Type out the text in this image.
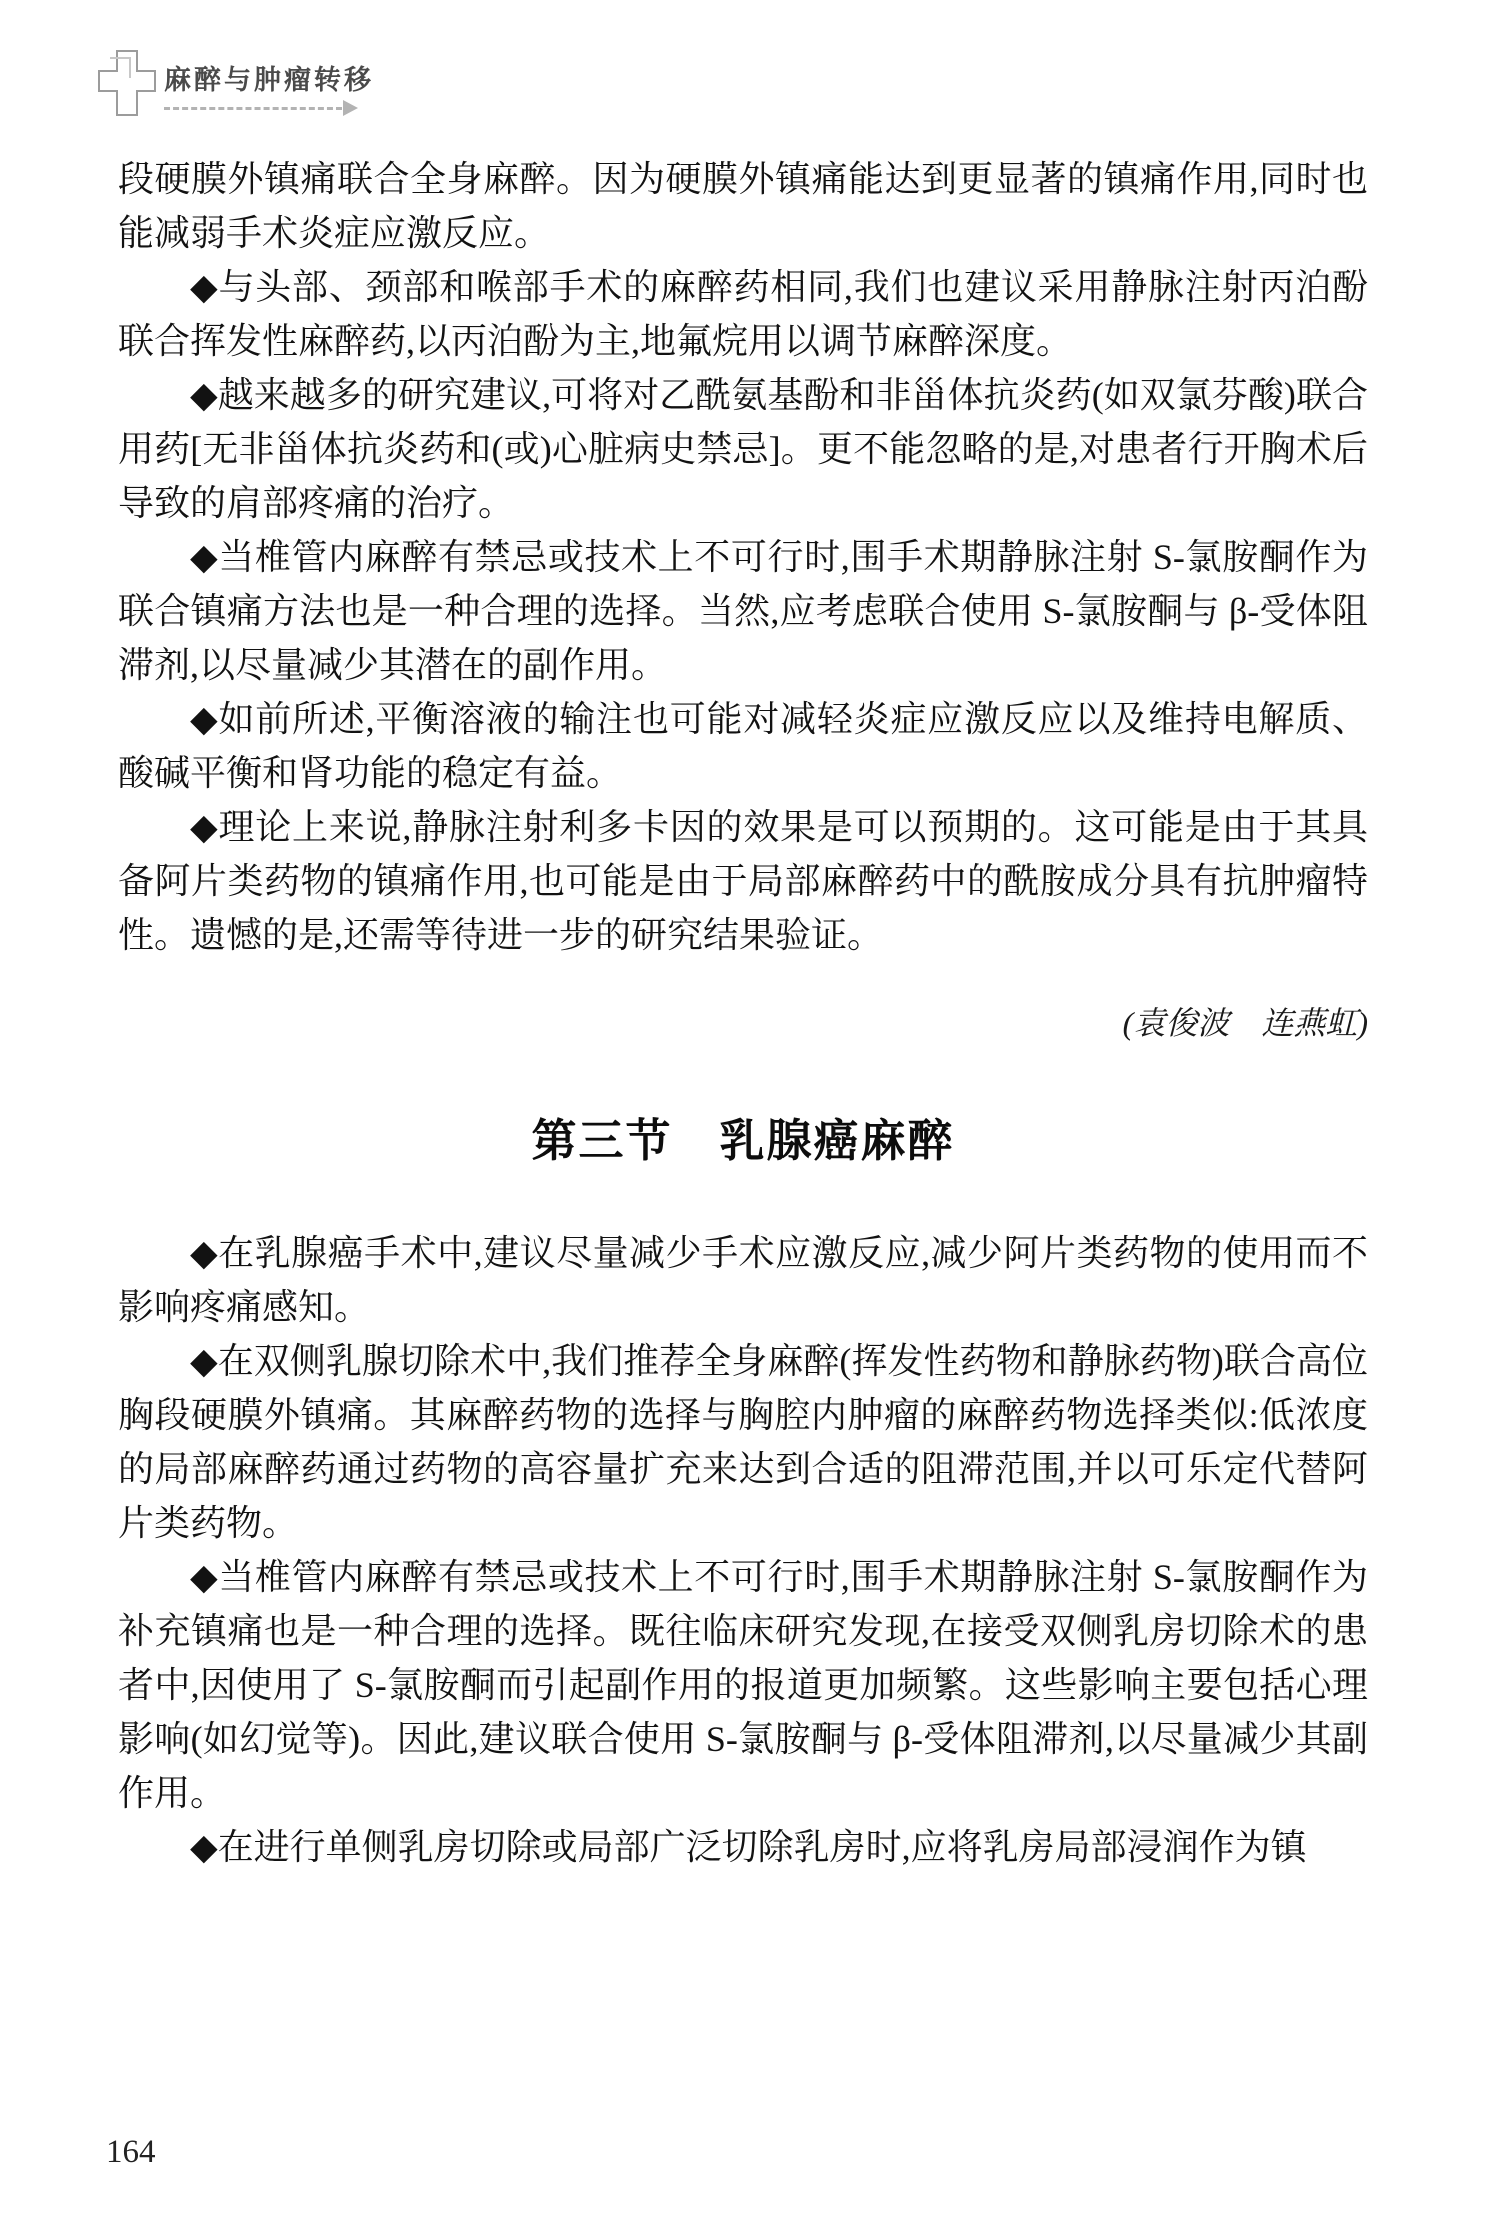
麻醉与肿瘤转移

段硬膜外镇痛联合全身麻醉。因为硬膜外镇痛能达到更显著的镇痛作用,同时也能减弱手术炎症应激反应。

◆与头部、颈部和喉部手术的麻醉药相同,我们也建议采用静脉注射丙泊酚联合挥发性麻醉药,以丙泊酚为主,地氟烷用以调节麻醉深度。

◆越来越多的研究建议,可将对乙酰氨基酚和非甾体抗炎药(如双氯芬酸)联合用药[无非甾体抗炎药和(或)心脏病史禁忌]。更不能忽略的是,对患者行开胸术后导致的肩部疼痛的治疗。

◆当椎管内麻醉有禁忌或技术上不可行时,围手术期静脉注射 S-氯胺酮作为联合镇痛方法也是一种合理的选择。当然,应考虑联合使用 S-氯胺酮与 β-受体阻滞剂,以尽量减少其潜在的副作用。

◆如前所述,平衡溶液的输注也可能对减轻炎症应激反应以及维持电解质、酸碱平衡和肾功能的稳定有益。

◆理论上来说,静脉注射利多卡因的效果是可以预期的。这可能是由于其具备阿片类药物的镇痛作用,也可能是由于局部麻醉药中的酰胺成分具有抗肿瘤特性。遗憾的是,还需等待进一步的研究结果验证。

(袁俊波　连燕虹)

第三节　乳腺癌麻醉

◆在乳腺癌手术中,建议尽量减少手术应激反应,减少阿片类药物的使用而不影响疼痛感知。

◆在双侧乳腺切除术中,我们推荐全身麻醉(挥发性药物和静脉药物)联合高位胸段硬膜外镇痛。其麻醉药物的选择与胸腔内肿瘤的麻醉药物选择类似:低浓度的局部麻醉药通过药物的高容量扩充来达到合适的阻滞范围,并以可乐定代替阿片类药物。

◆当椎管内麻醉有禁忌或技术上不可行时,围手术期静脉注射 S-氯胺酮作为补充镇痛也是一种合理的选择。既往临床研究发现,在接受双侧乳房切除术的患者中,因使用了 S-氯胺酮而引起副作用的报道更加频繁。这些影响主要包括心理影响(如幻觉等)。因此,建议联合使用 S-氯胺酮与 β-受体阻滞剂,以尽量减少其副作用。

◆在进行单侧乳房切除或局部广泛切除乳房时,应将乳房局部浸润作为镇

164
